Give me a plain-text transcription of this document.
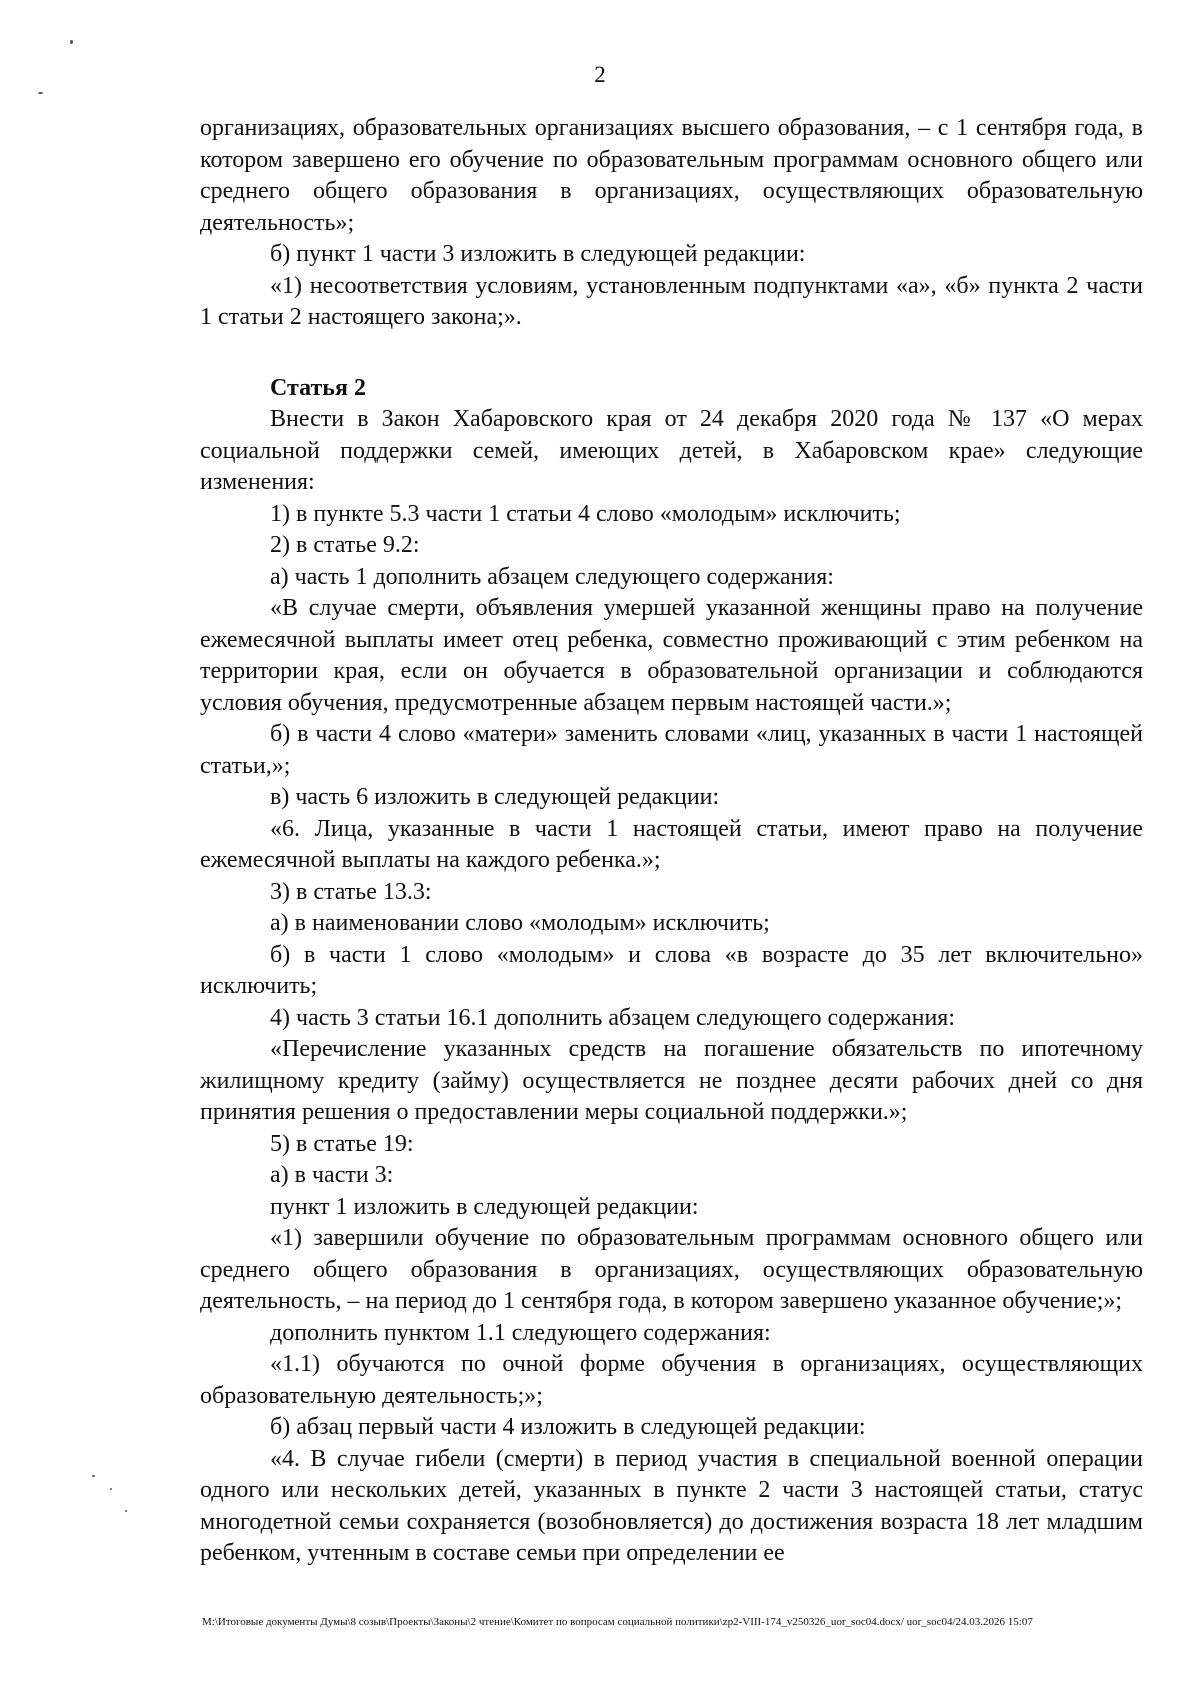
2

организациях, образовательных организациях высшего образования, – с 1 сентября года, в котором завершено его обучение по образовательным программам основного общего или среднего общего образования в организациях, осуществляющих образовательную деятельность»;

б) пункт 1 части 3 изложить в следующей редакции:

«1) несоответствия условиям, установленным подпунктами «а», «б» пункта 2 части 1 статьи 2 настоящего закона;».

Статья 2

Внести в Закон Хабаровского края от 24 декабря 2020 года № 137 «О мерах социальной поддержки семей, имеющих детей, в Хабаровском крае» следующие изменения:

1) в пункте 5.3 части 1 статьи 4 слово «молодым» исключить;

2) в статье 9.2:

а) часть 1 дополнить абзацем следующего содержания:

«В случае смерти, объявления умершей указанной женщины право на получение ежемесячной выплаты имеет отец ребенка, совместно проживающий с этим ребенком на территории края, если он обучается в образовательной организации и соблюдаются условия обучения, предусмотренные абзацем первым настоящей части.»;

б) в части 4 слово «матери» заменить словами «лиц, указанных в части 1 настоящей статьи,»;

в) часть 6 изложить в следующей редакции:

«6. Лица, указанные в части 1 настоящей статьи, имеют право на получение ежемесячной выплаты на каждого ребенка.»;

3) в статье 13.3:

а) в наименовании слово «молодым» исключить;

б) в части 1 слово «молодым» и слова «в возрасте до 35 лет включительно» исключить;

4) часть 3 статьи 16.1 дополнить абзацем следующего содержания:

«Перечисление указанных средств на погашение обязательств по ипотечному жилищному кредиту (займу) осуществляется не позднее десяти рабочих дней со дня принятия решения о предоставлении меры социальной поддержки.»;

5) в статье 19:

а) в части 3:

пункт 1 изложить в следующей редакции:

«1) завершили обучение по образовательным программам основного общего или среднего общего образования в организациях, осуществляющих образовательную деятельность, – на период до 1 сентября года, в котором завершено указанное обучение;»;

дополнить пунктом 1.1 следующего содержания:

«1.1) обучаются по очной форме обучения в организациях, осуществляющих образовательную деятельность;»;

б) абзац первый части 4 изложить в следующей редакции:

«4. В случае гибели (смерти) в период участия в специальной военной операции одного или нескольких детей, указанных в пункте 2 части 3 настоящей статьи, статус многодетной семьи сохраняется (возобновляется) до достижения возраста 18 лет младшим ребенком, учтенным в составе семьи при определении ее

M:\Итоговые документы Думы\8 созыв\Проекты\Законы\2 чтение\Комитет по вопросам социальной политики\zp2-VIII-174_v250326_uor_soc04.docx/ uor_soc04/24.03.2026 15:07
